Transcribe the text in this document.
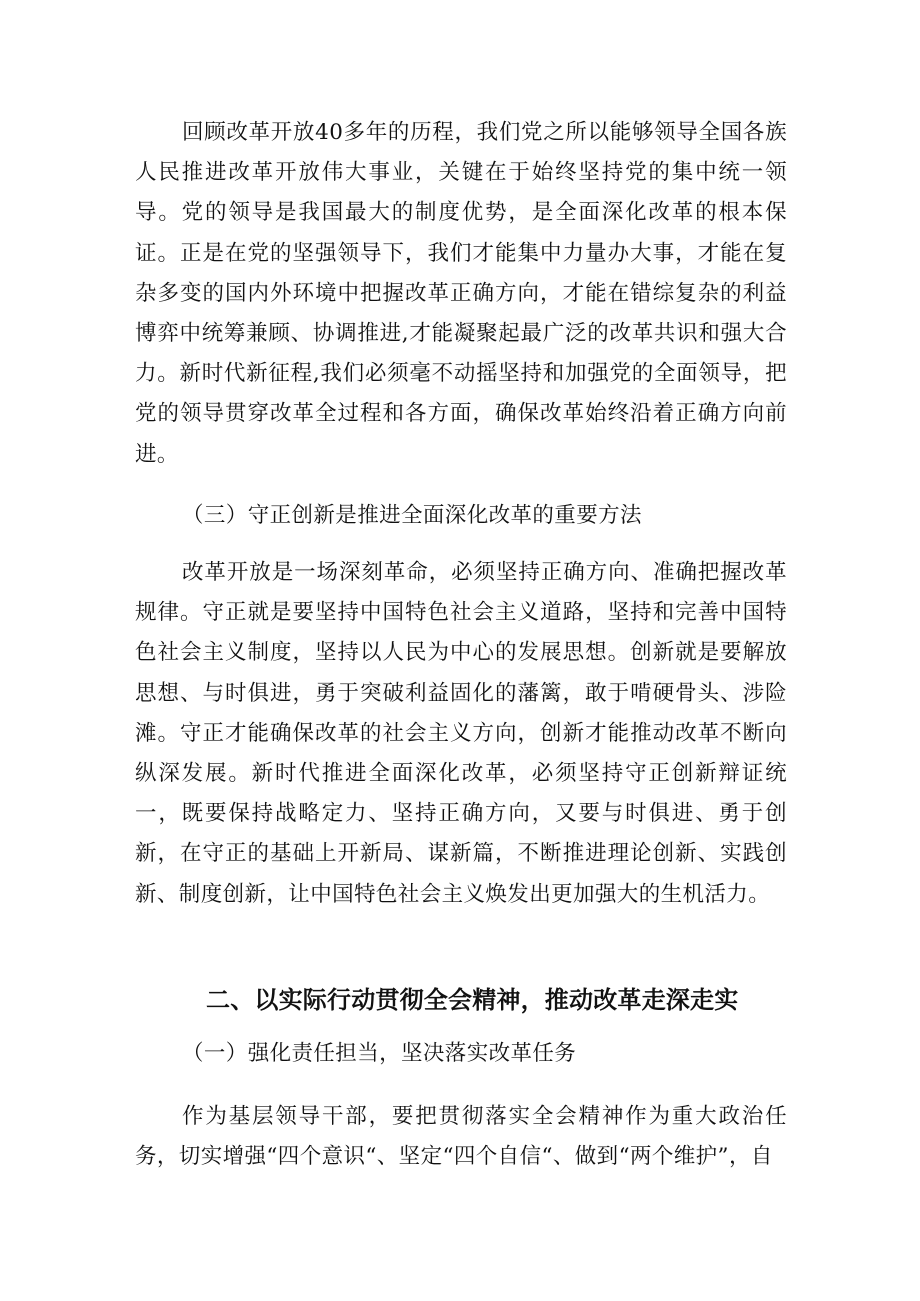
回顾改革开放40多年的历程，我们党之所以能够领导全国各族人民推进改革开放伟大事业，关键在于始终坚持党的集中统一领导。党的领导是我国最大的制度优势，是全面深化改革的根本保证。正是在党的坚强领导下，我们才能集中力量办大事，才能在复杂多变的国内外环境中把握改革正确方向，才能在错综复杂的利益博弈中统筹兼顾、协调推进,才能凝聚起最广泛的改革共识和强大合力。新时代新征程,我们必须毫不动摇坚持和加强党的全面领导，把党的领导贯穿改革全过程和各方面，确保改革始终沿着正确方向前进。

（三）守正创新是推进全面深化改革的重要方法

改革开放是一场深刻革命，必须坚持正确方向、准确把握改革规律。守正就是要坚持中国特色社会主义道路，坚持和完善中国特色社会主义制度，坚持以人民为中心的发展思想。创新就是要解放思想、与时俱进，勇于突破利益固化的藩篱，敢于啃硬骨头、涉险滩。守正才能确保改革的社会主义方向，创新才能推动改革不断向纵深发展。新时代推进全面深化改革，必须坚持守正创新辩证统一，既要保持战略定力、坚持正确方向，又要与时俱进、勇于创新，在守正的基础上开新局、谋新篇，不断推进理论创新、实践创新、制度创新，让中国特色社会主义焕发出更加强大的生机活力。

二、以实际行动贯彻全会精神，推动改革走深走实

（一）强化责任担当，坚决落实改革任务

作为基层领导干部，要把贯彻落实全会精神作为重大政治任务，切实增强“四个意识“、坚定“四个自信“、做到“两个维护”，自
